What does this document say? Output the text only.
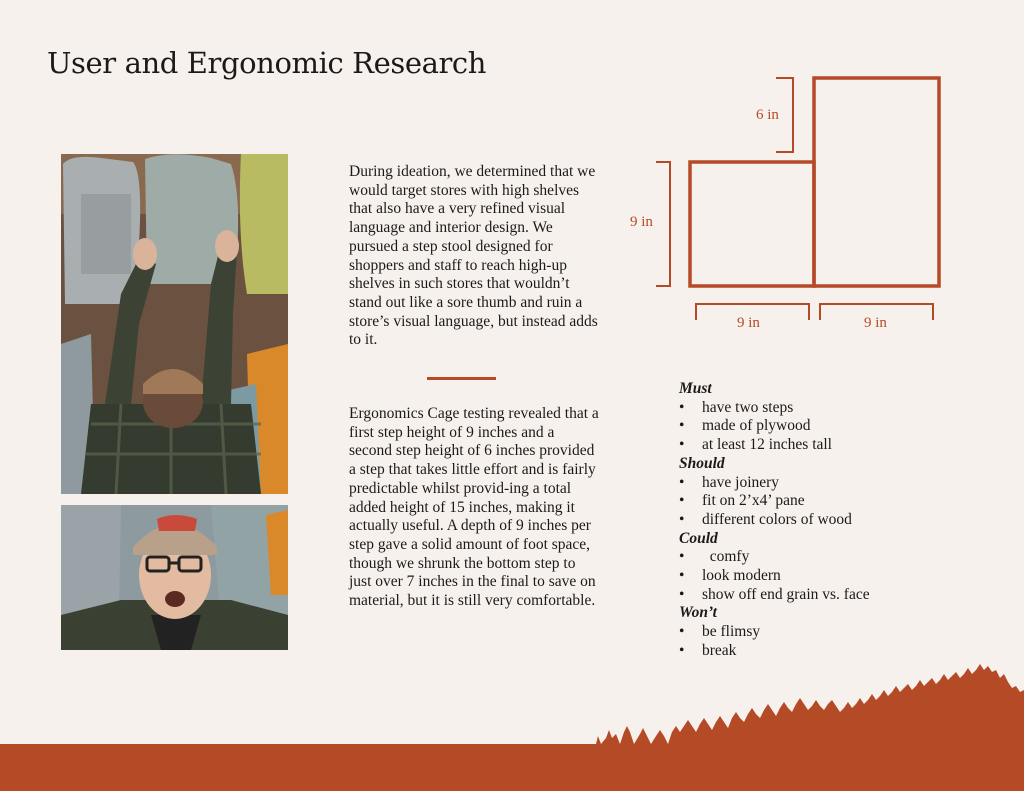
User and Ergonomic Research

During ideation, we determined that we would target stores with high shelves that also have a very refined visual language and interior design. We pursued a step stool designed for shoppers and staff to reach high-up shelves in such stores that wouldn’t stand out like a sore thumb and ruin a store’s visual language, but instead adds to it.

Ergonomics Cage testing revealed that a first step height of 9 inches and a second step height of 6 inches provided a step that takes little effort and is fairly predictable whilst provid-ing a total added height of 15 inches, making it actually useful. A depth of 9 inches per step gave a solid amount of foot space, though we shrunk the bottom step to just over 7 inches in the final to save on material, but it is still very comfortable.

6 in
9 in
9 in	9 in

Must

• have two steps
• made of plywood
• at least 12 inches tall

Should

• have joinery
• fit on 2’x4’ pane
• different colors of wood

Could

• comfy
• look modern
• show off end grain vs. face

Won’t

• be flimsy
• break
